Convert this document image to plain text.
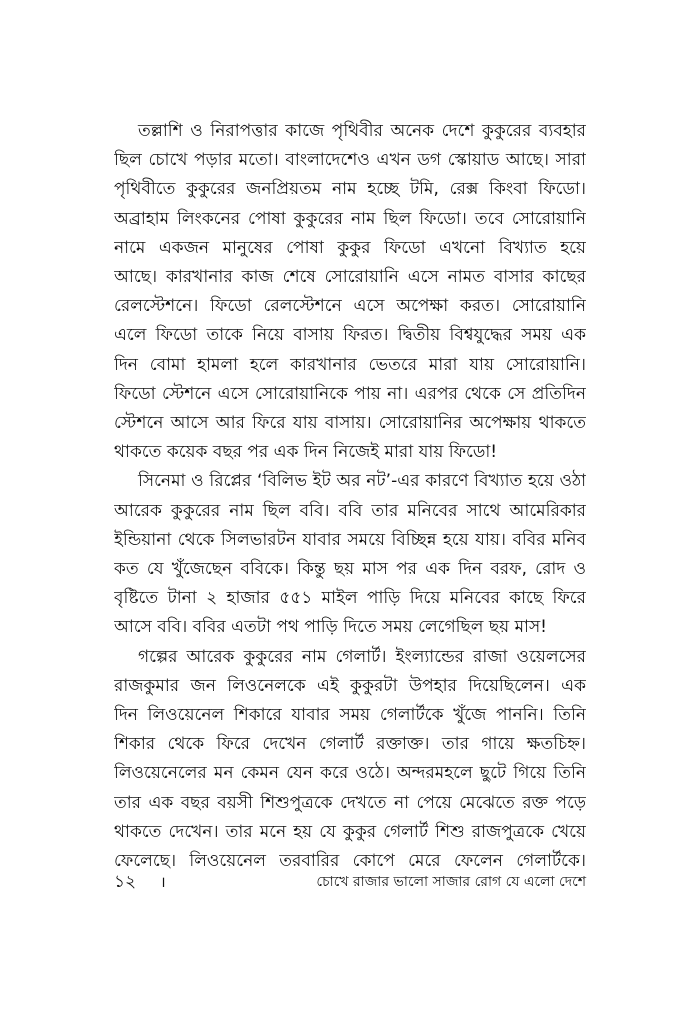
তল্লাশি ও নিরাপত্তার কাজে পৃথিবীর অনেক দেশে কুকুরের ব্যবহার
ছিল চোখে পড়ার মতো। বাংলাদেশেও এখন ডগ স্কোয়াড আছে। সারা
পৃথিবীতে কুকুরের জনপ্রিয়তম নাম হচ্ছে টমি, রেক্স কিংবা ফিডো।
অব্রাহাম লিংকনের পোষা কুকুরের নাম ছিল ফিডো। তবে সোরোয়ানি
নামে একজন মানুষের পোষা কুকুর ফিডো এখনো বিখ্যাত হয়ে
আছে। কারখানার কাজ শেষে সোরোয়ানি এসে নামত বাসার কাছের
রেলস্টেশনে। ফিডো রেলস্টেশনে এসে অপেক্ষা করত। সোরোয়ানি
এলে ফিডো তাকে নিয়ে বাসায় ফিরত। দ্বিতীয় বিশ্বযুদ্ধের সময় এক
দিন বোমা হামলা হলে কারখানার ভেতরে মারা যায় সোরোয়ানি।
ফিডো স্টেশনে এসে সোরোয়ানিকে পায় না। এরপর থেকে সে প্রতিদিন
স্টেশনে আসে আর ফিরে যায় বাসায়। সোরোয়ানির অপেক্ষায় থাকতে
থাকতে কয়েক বছর পর এক দিন নিজেই মারা যায় ফিডো!
সিনেমা ও রিপ্লের ‘বিলিভ ইট অর নট’-এর কারণে বিখ্যাত হয়ে ওঠা
আরেক কুকুরের নাম ছিল ববি। ববি তার মনিবের সাথে আমেরিকার
ইন্ডিয়ানা থেকে সিলভারটন যাবার সময়ে বিচ্ছিন্ন হয়ে যায়। ববির মনিব
কত যে খুঁজেছেন ববিকে। কিন্তু ছয় মাস পর এক দিন বরফ, রোদ ও
বৃষ্টিতে টানা ২ হাজার ৫৫১ মাইল পাড়ি দিয়ে মনিবের কাছে ফিরে
আসে ববি। ববির এতটা পথ পাড়ি দিতে সময় লেগেছিল ছয় মাস!
গল্পের আরেক কুকুরের নাম গেলার্ট। ইংল্যান্ডের রাজা ওয়েলসের
রাজকুমার জন লিওনেলকে এই কুকুরটা উপহার দিয়েছিলেন। এক
দিন লিওয়েনেল শিকারে যাবার সময় গেলার্টকে খুঁজে পাননি। তিনি
শিকার থেকে ফিরে দেখেন গেলার্ট রক্তাক্ত। তার গায়ে ক্ষতচিহ্ন।
লিওয়েনেলের মন কেমন যেন করে ওঠে। অন্দরমহলে ছুটে গিয়ে তিনি
তার এক বছর বয়সী শিশুপুত্রকে দেখতে না পেয়ে মেঝেতে রক্ত পড়ে
থাকতে দেখেন। তার মনে হয় যে কুকুর গেলার্ট শিশু রাজপুত্রকে খেয়ে
ফেলেছে। লিওয়েনেল তরবারির কোপে মেরে ফেলেন গেলার্টকে।
১২ ।	চোখে রাজার ভালো সাজার রোগ যে এলো দেশে
